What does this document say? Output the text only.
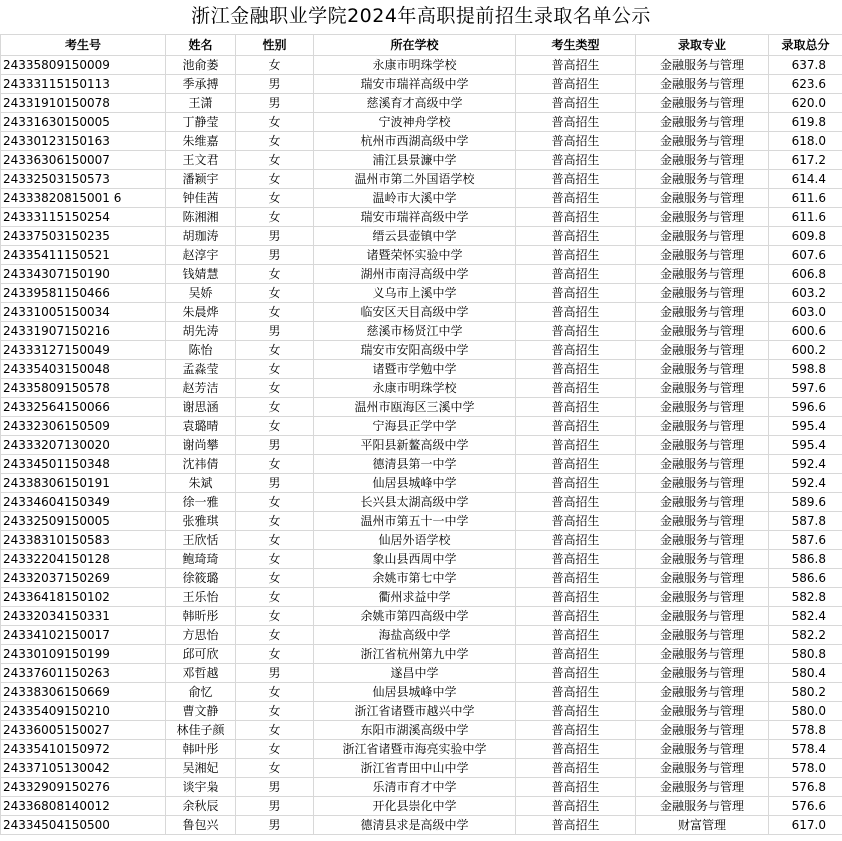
浙江金融职业学院2024年高职提前招生录取名单公示
考生号	姓名	性别	所在学校	考生类型	录取专业	录取总分
24335809150009	池俞萎	女	永康市明珠学校	普高招生	金融服务与管理	637.8
24333115150113	季承搏	男	瑞安市瑞祥高级中学	普高招生	金融服务与管理	623.6
24331910150078	王潇	男	慈溪育才高级中学	普高招生	金融服务与管理	620.0
24331630150005	丁静莹	女	宁波神舟学校	普高招生	金融服务与管理	619.8
24330123150163	朱维嘉	女	杭州市西湖高级中学	普高招生	金融服务与管理	618.0
24336306150007	王文君	女	浦江县景濂中学	普高招生	金融服务与管理	617.2
24332503150573	潘颖宇	女	温州市第二外国语学校	普高招生	金融服务与管理	614.4
24333820815001 6	钟佳茜	女	温岭市大溪中学	普高招生	金融服务与管理	611.6
24333115150254	陈湘湘	女	瑞安市瑞祥高级中学	普高招生	金融服务与管理	611.6
24337503150235	胡珈涛	男	缙云县壶镇中学	普高招生	金融服务与管理	609.8
24335411150521	赵淳宇	男	诸暨荣怀实验中学	普高招生	金融服务与管理	607.6
24334307150190	钱婧慧	女	湖州市南浔高级中学	普高招生	金融服务与管理	606.8
24339581150466	吴娇	女	义乌市上溪中学	普高招生	金融服务与管理	603.2
24331005150034	朱晨烨	女	临安区天目高级中学	普高招生	金融服务与管理	603.0
24331907150216	胡先涛	男	慈溪市杨贤江中学	普高招生	金融服务与管理	600.6
24333127150049	陈怡	女	瑞安市安阳高级中学	普高招生	金融服务与管理	600.2
24335403150048	孟淼莹	女	诸暨市学勉中学	普高招生	金融服务与管理	598.8
24335809150578	赵芳洁	女	永康市明珠学校	普高招生	金融服务与管理	597.6
24332564150066	谢思涵	女	温州市瓯海区三溪中学	普高招生	金融服务与管理	596.6
24332306150509	袁璐晴	女	宁海县正学中学	普高招生	金融服务与管理	595.4
24333207130020	谢尚攀	男	平阳县新鳌高级中学	普高招生	金融服务与管理	595.4
24334501150348	沈祎倩	女	德清县第一中学	普高招生	金融服务与管理	592.4
24338306150191	朱斌	男	仙居县城峰中学	普高招生	金融服务与管理	592.4
24334604150349	徐一雅	女	长兴县太湖高级中学	普高招生	金融服务与管理	589.6
24332509150005	张雅琪	女	温州市第五十一中学	普高招生	金融服务与管理	587.8
24338310150583	王欣恬	女	仙居外语学校	普高招生	金融服务与管理	587.6
24332204150128	鲍琦琦	女	象山县西周中学	普高招生	金融服务与管理	586.8
24332037150269	徐筱璐	女	余姚市第七中学	普高招生	金融服务与管理	586.6
24336418150102	王乐怡	女	衢州求益中学	普高招生	金融服务与管理	582.8
24332034150331	韩昕彤	女	余姚市第四高级中学	普高招生	金融服务与管理	582.4
24334102150017	方思怡	女	海盐高级中学	普高招生	金融服务与管理	582.2
24330109150199	邱可欣	女	浙江省杭州第九中学	普高招生	金融服务与管理	580.8
24337601150263	邓哲越	男	遂昌中学	普高招生	金融服务与管理	580.4
24338306150669	俞忆	女	仙居县城峰中学	普高招生	金融服务与管理	580.2
24335409150210	曹文静	女	浙江省诸暨市越兴中学	普高招生	金融服务与管理	580.0
24336005150027	林佳子颜	女	东阳市湖溪高级中学	普高招生	金融服务与管理	578.8
24335410150972	韩叶彤	女	浙江省诸暨市海亮实验中学	普高招生	金融服务与管理	578.4
24337105130042	吴湘妃	女	浙江省青田中山中学	普高招生	金融服务与管理	578.0
24332909150276	谈宇枭	男	乐清市育才中学	普高招生	金融服务与管理	576.8
24336808140012	余秋辰	男	开化县崇化中学	普高招生	金融服务与管理	576.6
24334504150500	鲁包兴	男	德清县求是高级中学	普高招生	财富管理	617.0
